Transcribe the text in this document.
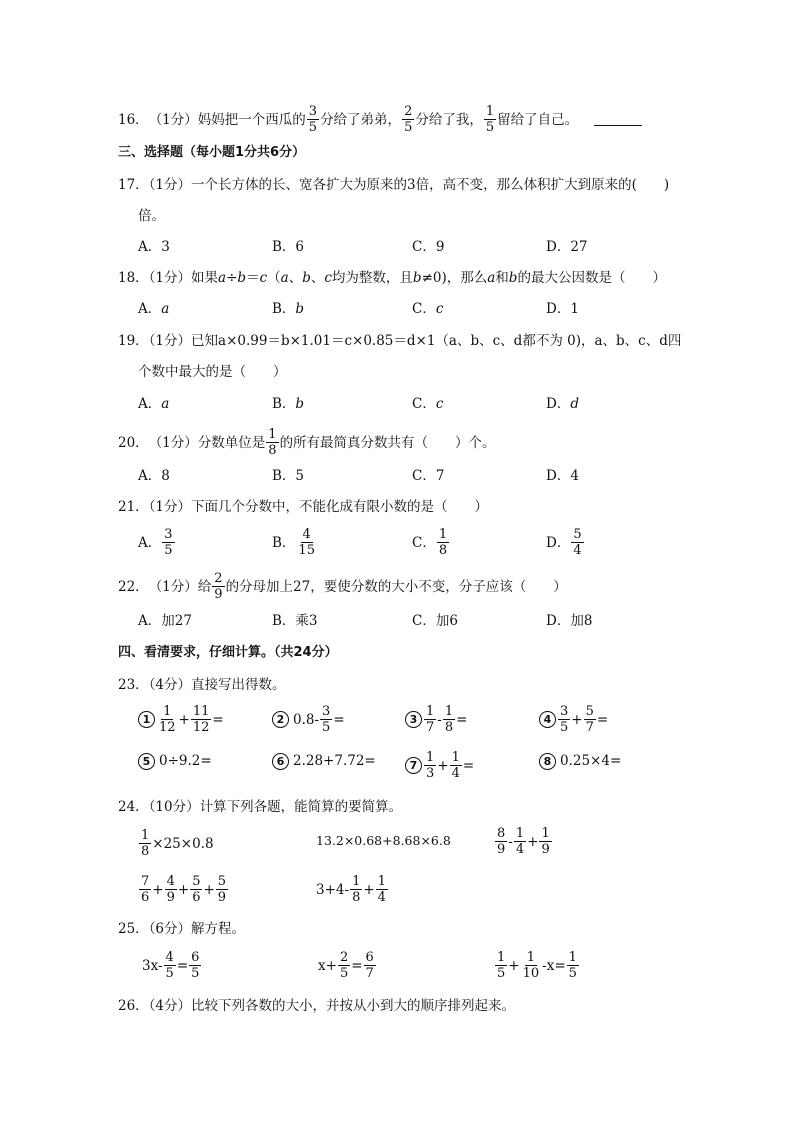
16． （1分） 妈妈把一个西瓜的 $\frac{3}{5}$ 分给了弟弟， $\frac{2}{5}$ 分给了我， $\frac{1}{5}$ 留给了自己。
三、选择题（每小题1分共6分）
17．（1分）一个长方体的长、宽各扩大为原来的3倍，高不变，那么体积扩大到原来的(　　)
倍。
A．3	B．6	C．9	D．27
18．（1分）如果a÷b＝c（a、b、c均为整数，且b≠0)，那么a和b的最大公因数是（　　）
A．a	B．b	C．c	D．1
19．（1分）已知a×0.99＝b×1.01＝c×0.85＝d×1（a、b、c、d都不为 0)，a、b、c、d四
个数中最大的是（　　）
A．a	B．b	C．c	D．d
20． （1分） 分数单位是 $\frac{1}{8}$ 的所有最简真分数共有（　　）个。
A．8	B．5	C．7	D．4
21．（1分）下面几个分数中，不能化成有限小数的是（　　）
A． $\frac{3}{5}$	B． $\frac{4}{15}$	C． $\frac{1}{8}$	D． $\frac{5}{4}$
22． （1分） 给 $\frac{2}{9}$ 的分母加上27，要使分数的大小不变，分子应该（　　）
A．加27	B．乘3	C．加6	D．加8
四、看清要求，仔细计算。（共24分）
23．（4分）直接写出得数。
$1 \frac{1}{12} + \frac{11}{12}$ =	2 $0.8- \frac{3}{5}$ =	$3 \frac{1}{7} - \frac{1}{8}$ =	$4 \frac{3}{5} + \frac{5}{7}$ =
5 0÷9.2=	6 2.28+7.72=	$7 \frac{1}{3} + \frac{1}{4}$ =	8 0.25×4=
24．（10分）计算下列各题，能简算的要简算。
$\frac{1}{8} \times 25\times 0.8$	13.2×0.68+8.68×6.8	$\frac{8}{9} - \frac{1}{4} + \frac{1}{9}$
$\frac{7}{6} + \frac{4}{9} + \frac{5}{6} + \frac{5}{9}$	$3+4- \frac{1}{8} + \frac{1}{4}$
25．（6分）解方程。
$3x- \frac{4}{5} = \frac{6}{5}$	$x+ \frac{2}{5} = \frac{6}{7}$	$\frac{1}{5} + \frac{1}{10} -x= \frac{1}{5}$
26．（4分）比较下列各数的大小，并按从小到大的顺序排列起来。
